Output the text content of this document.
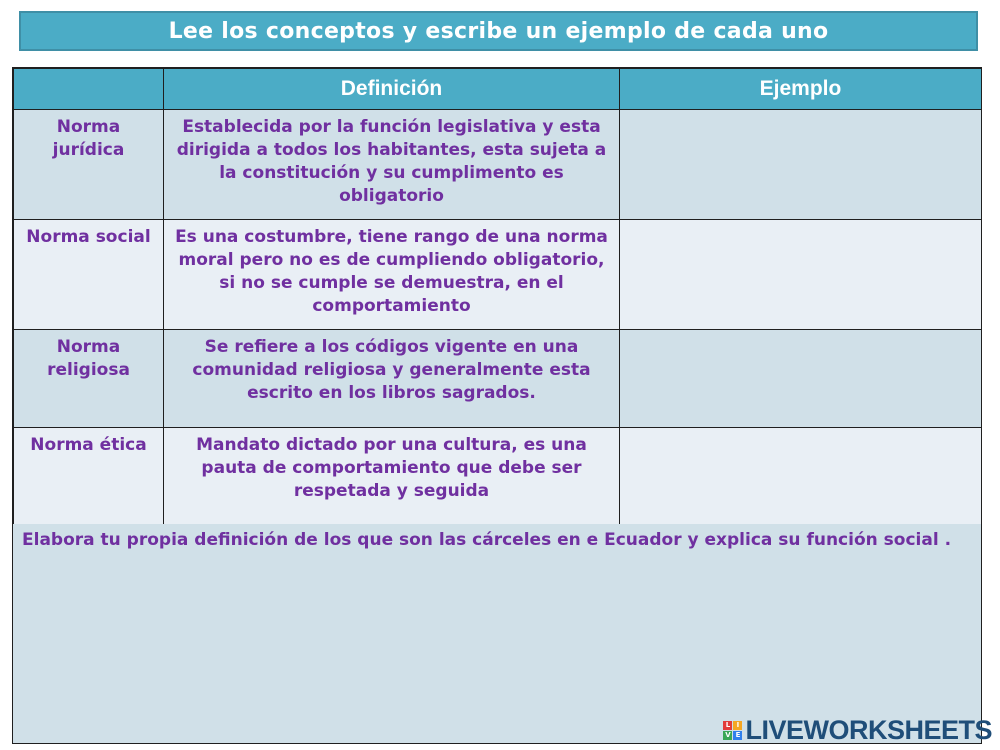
Lee los conceptos y escribe un ejemplo de cada uno
	Definición	Ejemplo
Norma jurídica	Establecida por la función legislativa y esta dirigida a todos los habitantes, esta sujeta a la constitución y su cumplimento es obligatorio	
Norma social	Es una costumbre, tiene rango de una norma moral pero no es de cumpliendo obligatorio, si no se cumple se demuestra, en el comportamiento	
Norma religiosa	Se refiere a los códigos vigente en una comunidad religiosa y generalmente esta escrito en los libros sagrados.	
Norma ética	Mandato dictado por una cultura, es una pauta de comportamiento que debe ser respetada y seguida	
Elabora tu propia definición de los que son las cárceles en e Ecuador y explica su función social .
L I
V E LIVEWORKSHEETS
